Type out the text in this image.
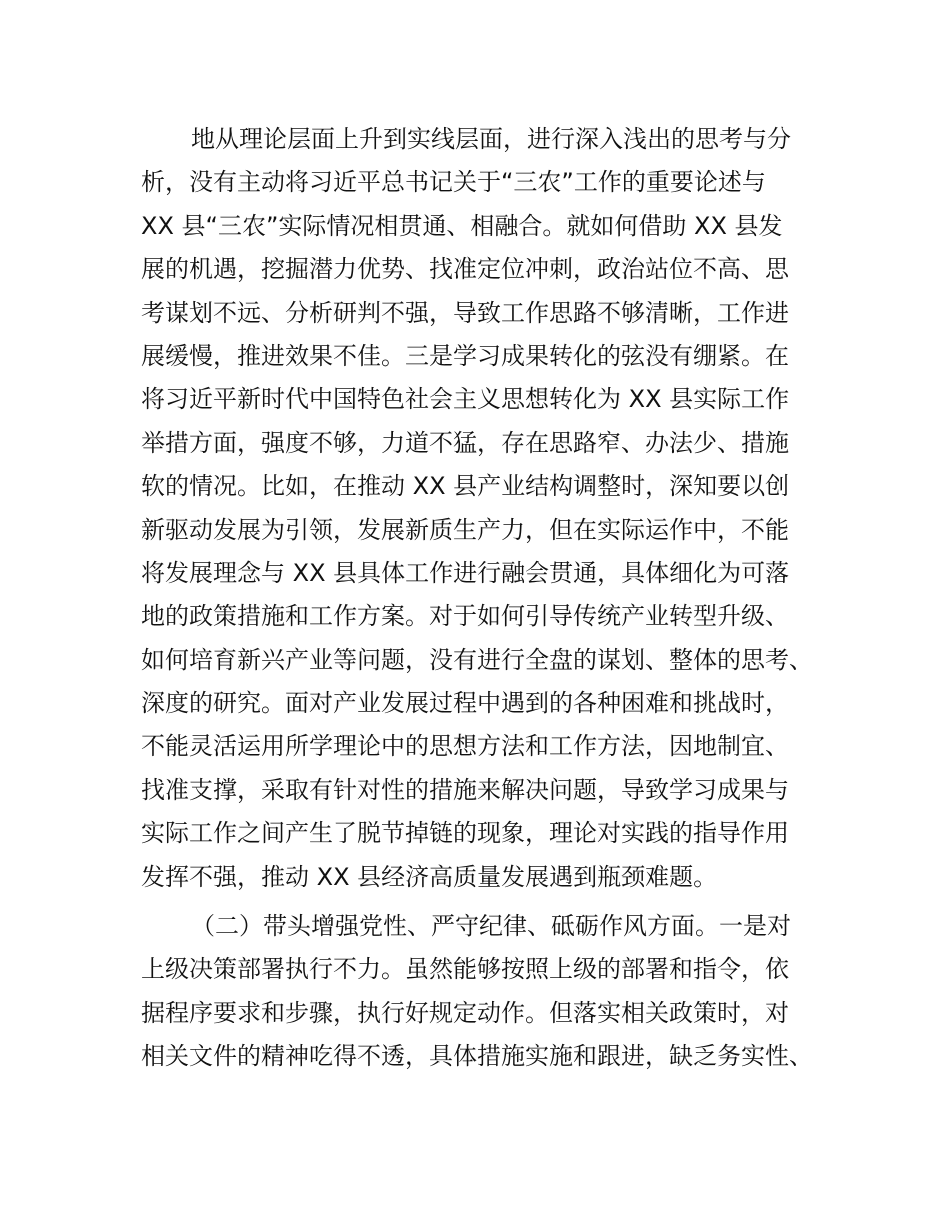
地从理论层面上升到实线层面，进行深入浅出的思考与分
析，没有主动将习近平总书记关于“三农”工作的重要论述与
XX 县“三农”实际情况相贯通、相融合。就如何借助 XX 县发
展的机遇，挖掘潜力优势、找准定位冲刺，政治站位不高、思
考谋划不远、分析研判不强，导致工作思路不够清晰，工作进
展缓慢，推进效果不佳。三是学习成果转化的弦没有绷紧。在
将习近平新时代中国特色社会主义思想转化为 XX 县实际工作
举措方面，强度不够，力道不猛，存在思路窄、办法少、措施
软的情况。比如，在推动 XX 县产业结构调整时，深知要以创
新驱动发展为引领，发展新质生产力，但在实际运作中，不能
将发展理念与 XX 县具体工作进行融会贯通，具体细化为可落
地的政策措施和工作方案。对于如何引导传统产业转型升级、
如何培育新兴产业等问题，没有进行全盘的谋划、整体的思考、
深度的研究。面对产业发展过程中遇到的各种困难和挑战时，
不能灵活运用所学理论中的思想方法和工作方法，因地制宜、
找准支撑，采取有针对性的措施来解决问题，导致学习成果与
实际工作之间产生了脱节掉链的现象，理论对实践的指导作用
发挥不强，推动 XX 县经济高质量发展遇到瓶颈难题。
（二）带头增强党性、严守纪律、砥砺作风方面。一是对
上级决策部署执行不力。虽然能够按照上级的部署和指令，依
据程序要求和步骤，执行好规定动作。但落实相关政策时，对
相关文件的精神吃得不透，具体措施实施和跟进，缺乏务实性、
